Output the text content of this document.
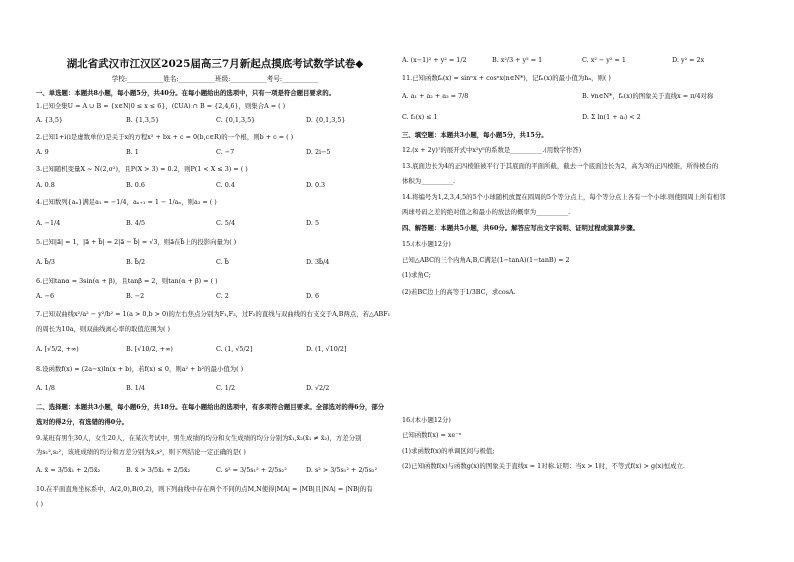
湖北省武汉市江汉区2025届高三7月新起点摸底考试数学试卷◆
学校:___________姓名:___________班级:___________考号:___________
一、单选题：本题共8小题，每小题5分，共40分。在每小题给出的选项中，只有一项是符合题目要求的。
1.已知全集U = A ∪ B = {x∈N|0 ≤ x ≤ 6}，(∁UA) ∩ B = {2,4,6}，则集合A = ( )
A. {3,5}	B. {1,3,5}	C. {0,1,3,5}	D. {0,1,3,5}
2.已知1+i(i是虚数单位)是关于x的方程x² + bx + c = 0(b,c∈R)的一个根，则b + c = ( )
A. 9	B. 1	C. −7	D. 2i−5
3.已知随机变量X ~ N(2,σ²)，且P(X > 3) = 0.2，则P(1 < X ≤ 3) = ( )
A. 0.8	B. 0.6	C. 0.4	D. 0.3
4.已知数列{aₙ}满足a₁ = −1/4，aₙ₊₁ = 1 − 1/aₙ，则a₃ = ( )
A. −1/4	B. 4/5	C. 5/4	D. 5
5.已知|a⃗| = 1，|a⃗ + b⃗| = 2|a⃗ − b⃗| = √3，则a⃗在b⃗上的投影向量为( )
A. b⃗/3	B. b⃗/2	C. b⃗	D. 3b⃗/4
6.已知tanα = 3sin(α + β)，且tanβ = 2，则tan(α + β) = ( )
A. −6	B. −2	C. 2	D. 6
7.已知双曲线x²/a² − y²/b² = 1(a > 0,b > 0)的左右焦点分别为F₁,F₂，过F₂的直线与双曲线的右支交于A,B两点，若△ABF₁
的周长为10a，则双曲线离心率的取值范围为( )
A. [√5/2, +∞)	B. [√10/2, +∞)	C. (1, √5/2]	D. (1, √10/2]
8.设函数f(x) = (2a−x)ln(x + b)，若f(x) ≤ 0，则a² + b²的最小值为( )
A. 1/8	B. 1/4	C. 1/2	D. √2/2
二、选择题：本题共3小题，每小题6分，共18分。在每小题给出的选项中，有多项符合题目要求。全部选对的得6分，部分
选对的得2分，有选错的得0分。
9.某班有男生30人，女生20人，在某次考试中，男生成绩的均分和女生成绩的均分分别为x̄₁,x̄₂(x̄₁ ≠ x̄₂)，方差分别
为s₁²,s₂²，该班成绩的均分和方差分别为x̄,s²，则下列结论一定正确的是( )
A. x̄ = 3/5x̄₁ + 2/5x̄₂	B. x̄ > 3/5x̄₁ + 2/5x̄₂	C. s² = 3/5s₁² + 2/5s₂²	D. s² > 3/5s₁² + 2/5s₂²
10.在平面直角坐标系中，A(2,0),B(0,2)，则下列曲线中存在两个不同的点M,N使得|MA| = |MB|且|NA| = |NB|的有
( )
A. (x−1)² + y² = 1/2	B. x²/3 + y² = 1	C. x² − y² = 1	D. y² = 2x
11.已知函数fₙ(x) = sinⁿx + cosⁿx(n∈N*)，记fₙ(x)的最小值为hₙ，则( )
A. a₁ + a₂ + a₃ = 7/8	B. ∀n∈N*，fₙ(x)的图象关于直线x = π/4对称
C. f₂(x) ≤ 1	D. Σ ln(1 + aᵢ) < 2
三、填空题：本题共3小题，每小题5分，共15分。
12.(x + 2y)⁷的展开式中x²y⁵的系数是__________.(用数字作答)
13.底面边长为4的正四棱锥被平行于其底面的平面所截，截去一个底面边长为2，高为3的正四棱锥，所得棱台的
体积为__________.
14.将编号为1,2,3,4,5的5个小球随机放置在圆周的5个等分点上，每个等分点上各有一个小球.则使圆周上所有相邻
两球号码之差的绝对值之和最小的放法的概率为__________.
四、解答题：本题共5小题，共60分。解答应写出文字说明、证明过程或演算步骤。
15.(本小题12分)
已知△ABC的三个内角A,B,C满足(1−tanA)(1−tanB) = 2
(1)求角C;
(2)若BC边上的高等于1/3BC，求cosA.
16.(本小题12分)
已知函数f(x) = xe⁻ˣ
(1)求函数f(x)的单调区间与极值;
(2)已知函数f(x)与函数g(x)的图象关于直线x = 1对称.证明：当x > 1时，不等式f(x) > g(x)恒成立.
